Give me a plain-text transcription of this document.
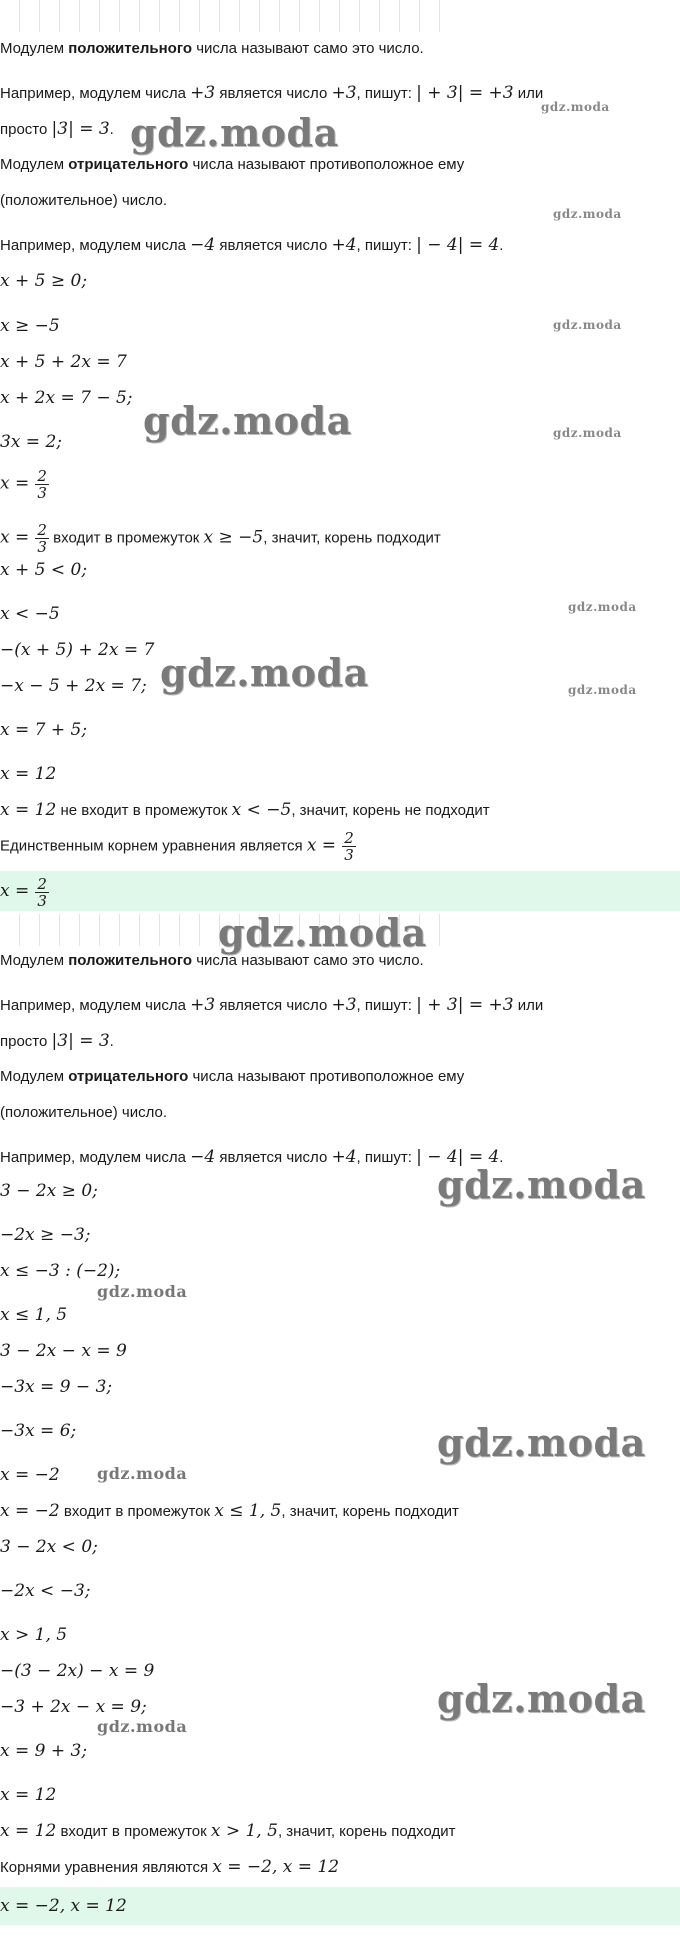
Модулем положительного числа называют само это число.
Например, модулем числа +3 является число +3, пишут: | + 3| = +3 или
просто |3| = 3.
Модулем отрицательного числа называют противоположное ему
(положительное) число.
Например, модулем числа −4 является число +4, пишут: | − 4| = 4.
x + 5 ≥ 0;
x ≥ −5
x + 5 + 2x = 7
x + 2x = 7 − 5;
3x = 2;
$x = \frac{2}{3}$
$x = \frac{2}{3}$ входит в промежуток x ≥ −5, значит, корень подходит
x + 5 < 0;
x < −5
−(x + 5) + 2x = 7
−x − 5 + 2x = 7;
x = 7 + 5;
x = 12
x = 12 не входит в промежуток x < −5, значит, корень не подходит
Единственным корнем уравнения является $x = \frac{2}{3}$
$x = \frac{2}{3}$
Модулем положительного числа называют само это число.
Например, модулем числа +3 является число +3, пишут: | + 3| = +3 или
просто |3| = 3.
Модулем отрицательного числа называют противоположное ему
(положительное) число.
Например, модулем числа −4 является число +4, пишут: | − 4| = 4.
3 − 2x ≥ 0;
−2x ≥ −3;
x ≤ −3 : (−2);
x ≤ 1, 5
3 − 2x − x = 9
−3x = 9 − 3;
−3x = 6;
x = −2
x = −2 входит в промежуток x ≤ 1, 5, значит, корень подходит
3 − 2x < 0;
−2x < −3;
x > 1, 5
−(3 − 2x) − x = 9
−3 + 2x − x = 9;
x = 9 + 3;
x = 12
x = 12 входит в промежуток x > 1, 5, значит, корень подходит
Корнями уравнения являются x = −2, x = 12
x = −2, x = 12
gdz.moda
gdz.moda
gdz.moda
gdz.moda
gdz.moda	gdz.moda
gdz.moda
gdz.moda	gdz.moda
gdz.moda
gdz.moda
gdz.moda
gdz.moda
gdz.moda
gdz.moda
gdz.moda
